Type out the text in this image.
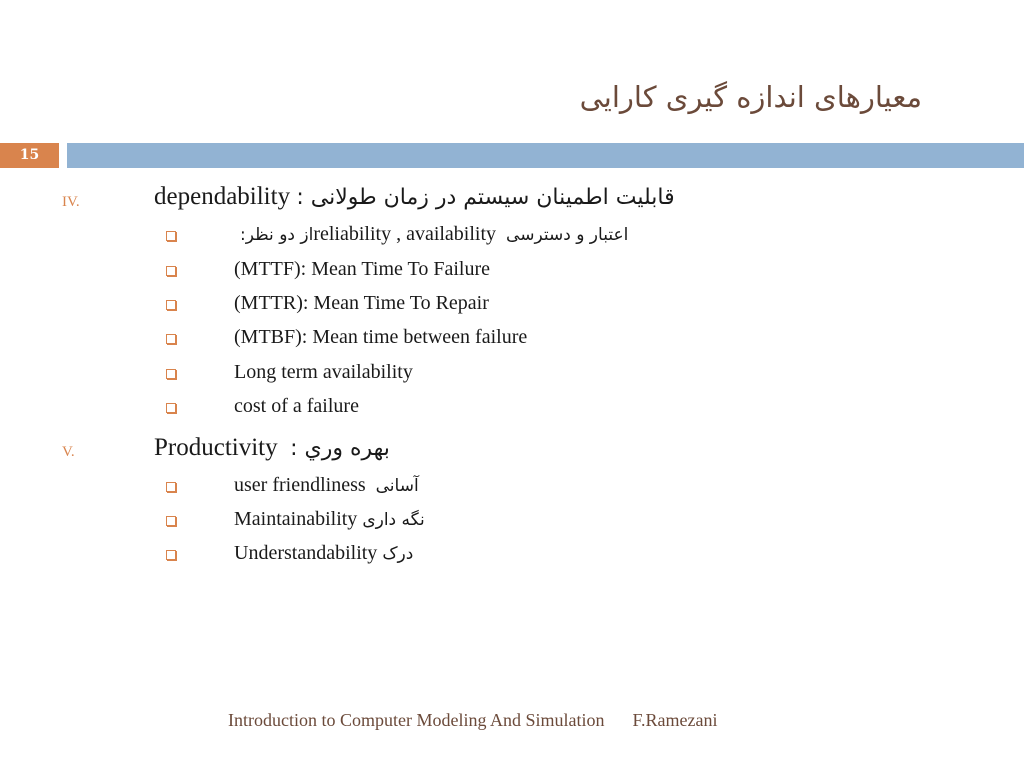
معیارهای اندازه گیری کارایی
15
IV.	dependability قابلیت اطمینان سیستم در زمان طولانی :
:از دو نظرreliability , availability اعتبار و دسترسی
(MTTF): Mean Time To Failure
(MTTR): Mean Time To Repair
(MTBF): Mean time between failure
Long term availability
cost of a failure
V.	Productivity بهره وري :
user friendliness آسانی
Maintainability نگه داری
Understandability درک
Introduction to Computer Modeling And Simulation F.Ramezani
